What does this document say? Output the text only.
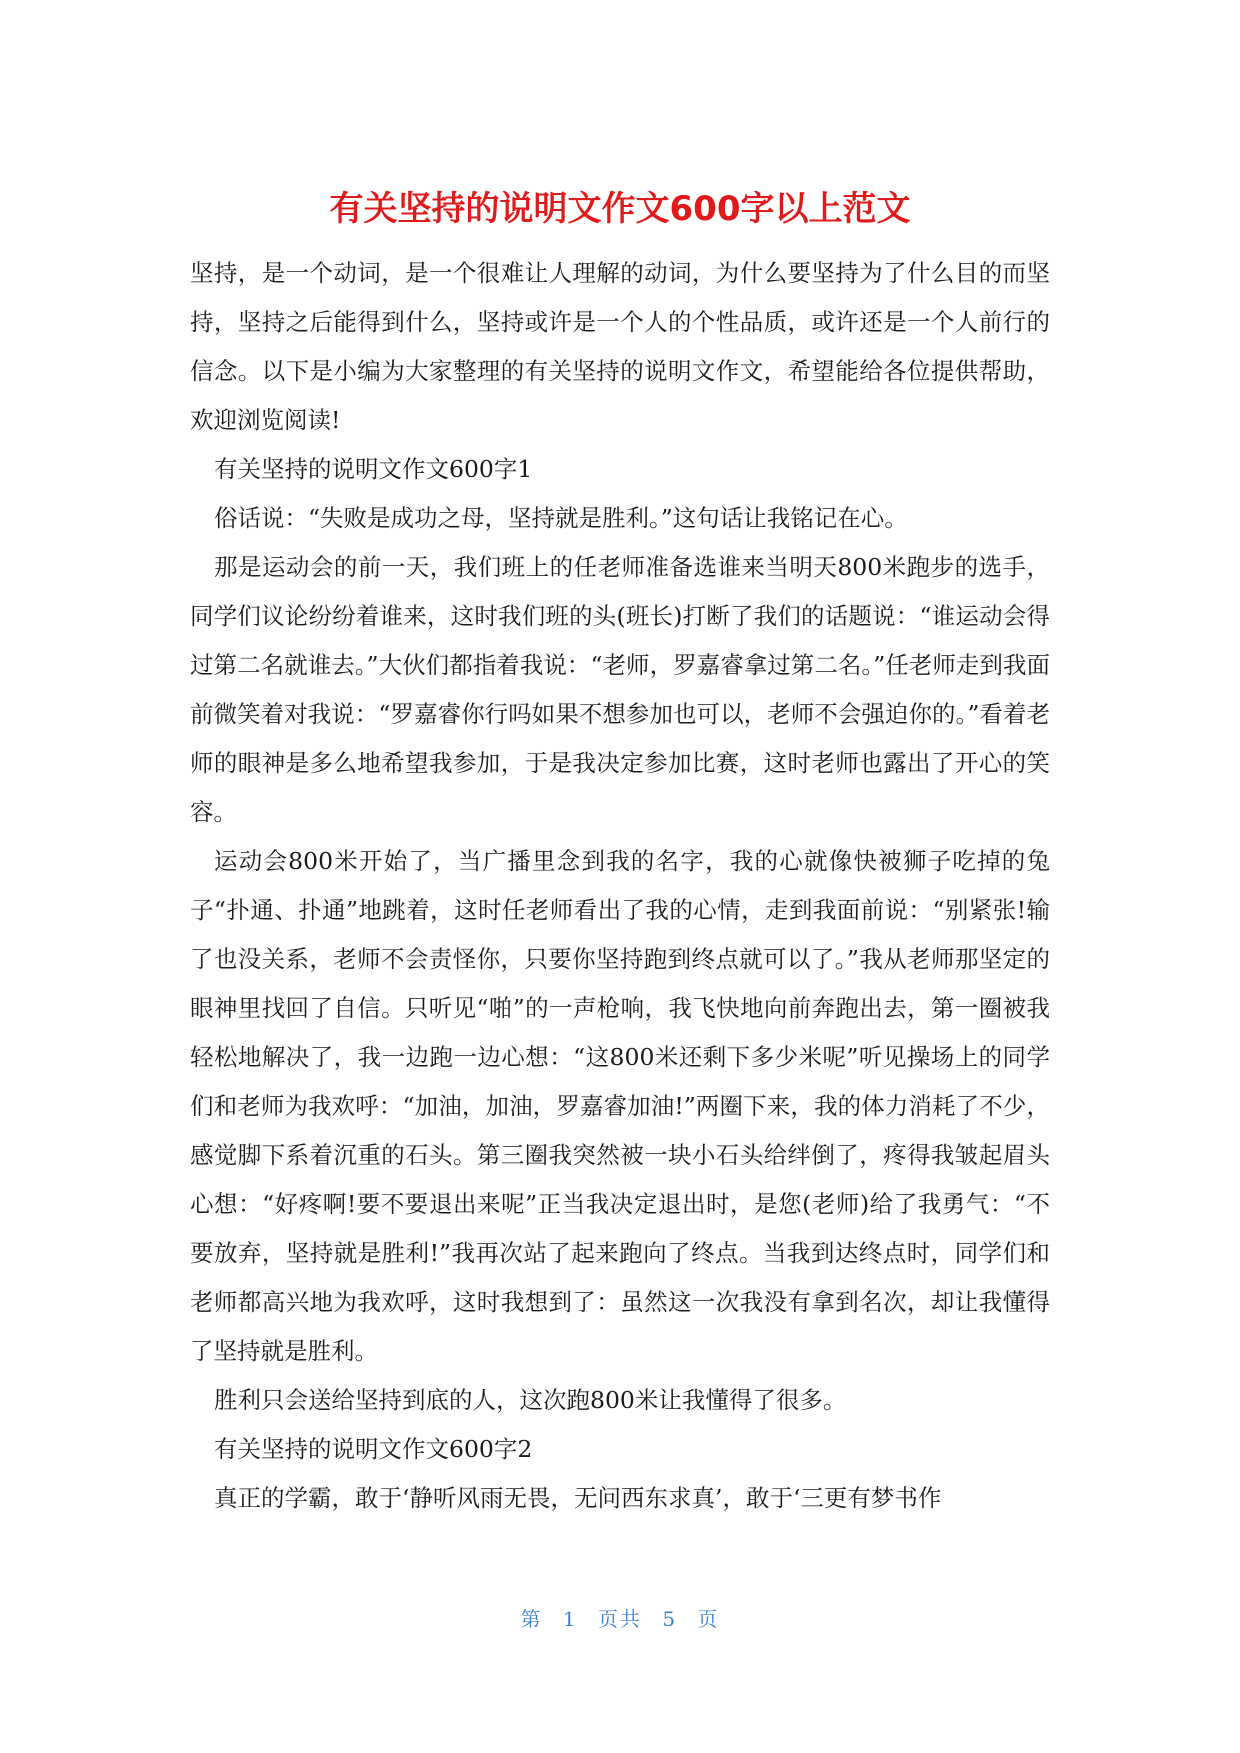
有关坚持的说明文作文600字以上范文

坚持，是一个动词，是一个很难让人理解的动词，为什么要坚持为了什么目的而坚持，坚持之后能得到什么，坚持或许是一个人的个性品质，或许还是一个人前行的信念。以下是小编为大家整理的有关坚持的说明文作文，希望能给各位提供帮助，欢迎浏览阅读!

有关坚持的说明文作文600字1

俗话说：“失败是成功之母，坚持就是胜利。”这句话让我铭记在心。

那是运动会的前一天，我们班上的任老师准备选谁来当明天800米跑步的选手，同学们议论纷纷着谁来，这时我们班的头(班长)打断了我们的话题说：“谁运动会得过第二名就谁去。”大伙们都指着我说：“老师，罗嘉睿拿过第二名。”任老师走到我面前微笑着对我说：“罗嘉睿你行吗如果不想参加也可以，老师不会强迫你的。”看着老师的眼神是多么地希望我参加，于是我决定参加比赛，这时老师也露出了开心的笑容。

运动会800米开始了，当广播里念到我的名字，我的心就像快被狮子吃掉的兔子“扑通、扑通”地跳着，这时任老师看出了我的心情，走到我面前说：“别紧张!输了也没关系，老师不会责怪你，只要你坚持跑到终点就可以了。”我从老师那坚定的眼神里找回了自信。只听见“啪”的一声枪响，我飞快地向前奔跑出去，第一圈被我轻松地解决了，我一边跑一边心想：“这800米还剩下多少米呢”听见操场上的同学们和老师为我欢呼：“加油，加油，罗嘉睿加油!”两圈下来，我的体力消耗了不少，感觉脚下系着沉重的石头。第三圈我突然被一块小石头给绊倒了，疼得我皱起眉头心想：“好疼啊!要不要退出来呢”正当我决定退出时，是您(老师)给了我勇气：“不要放弃，坚持就是胜利!”我再次站了起来跑向了终点。当我到达终点时，同学们和老师都高兴地为我欢呼，这时我想到了：虽然这一次我没有拿到名次，却让我懂得了坚持就是胜利。

胜利只会送给坚持到底的人，这次跑800米让我懂得了很多。

有关坚持的说明文作文600字2

真正的学霸，敢于‘静听风雨无畏，无问西东求真’，敢于‘三更有梦书作

第 1 页共 5 页
